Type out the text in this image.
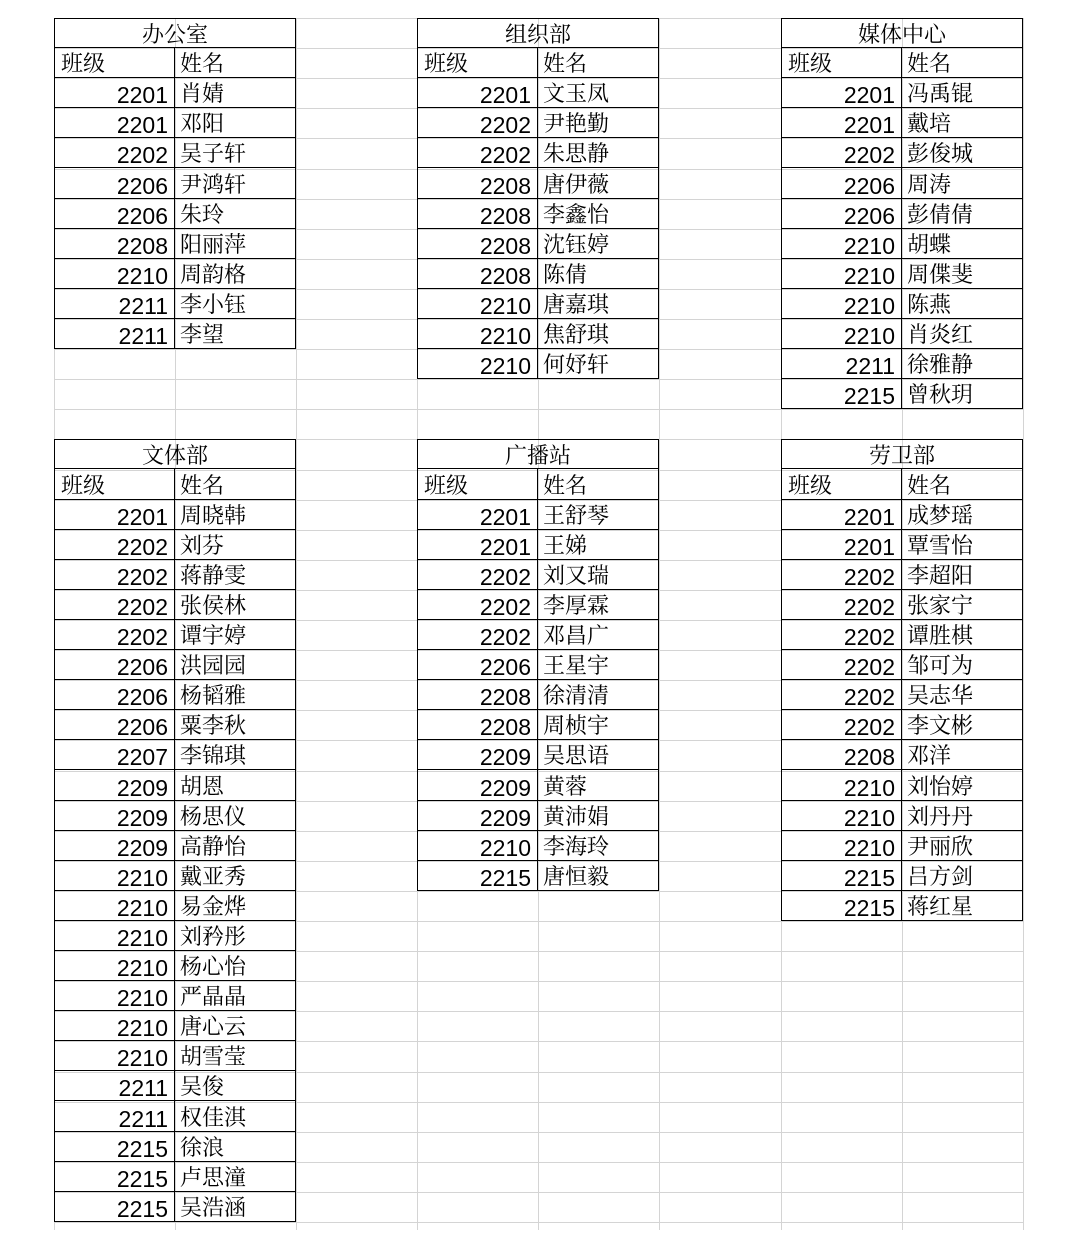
办公室
班级	姓名
2201 肖婧
2201 邓阳
2202 吴子轩
2206 尹鸿轩
2206 朱玲
2208 阳丽萍
2210 周韵格
2211 李小钰
2211 李望
组织部
班级	姓名
2201 文玉凤
2202 尹艳勤
2202 朱思静
2208 唐伊薇
2208 李鑫怡
2208 沈钰婷
2208 陈倩
2210 唐嘉琪
2210 焦舒琪
2210 何妤轩
媒体中心
班级	姓名
2201 冯禹锟
2201 戴培
2202 彭俊城
2206 周涛
2206 彭倩倩
2210 胡蝶
2210 周偞斐
2210 陈燕
2210 肖炎红
2211 徐雅静
2215 曾秋玥
文体部
班级	姓名
2201 周晓韩
2202 刘芬
2202 蒋静雯
2202 张侯林
2202 谭宇婷
2206 洪园园
2206 杨韬雅
2206 粟李秋
2207 李锦琪
2209 胡恩
2209 杨思仪
2209 高静怡
2210 戴亚秀
2210 易金烨
2210 刘矜彤
2210 杨心怡
2210 严晶晶
2210 唐心云
2210 胡雪莹
2211 吴俊
2211 权佳淇
2215 徐浪
2215 卢思潼
2215 吴浩涵
广播站
班级	姓名
2201 王舒琴
2201 王娣
2202 刘又瑞
2202 李厚霖
2202 邓昌广
2206 王星宇
2208 徐清清
2208 周桢宇
2209 吴思语
2209 黄蓉
2209 黄沛娟
2210 李海玲
2215 唐恒毅
劳卫部
班级	姓名
2201 成梦瑶
2201 覃雪怡
2202 李超阳
2202 张家宁
2202 谭胜棋
2202 邹可为
2202 吴志华
2202 李文彬
2208 邓洋
2210 刘怡婷
2210 刘丹丹
2210 尹丽欣
2215 吕方剑
2215 蒋红星
